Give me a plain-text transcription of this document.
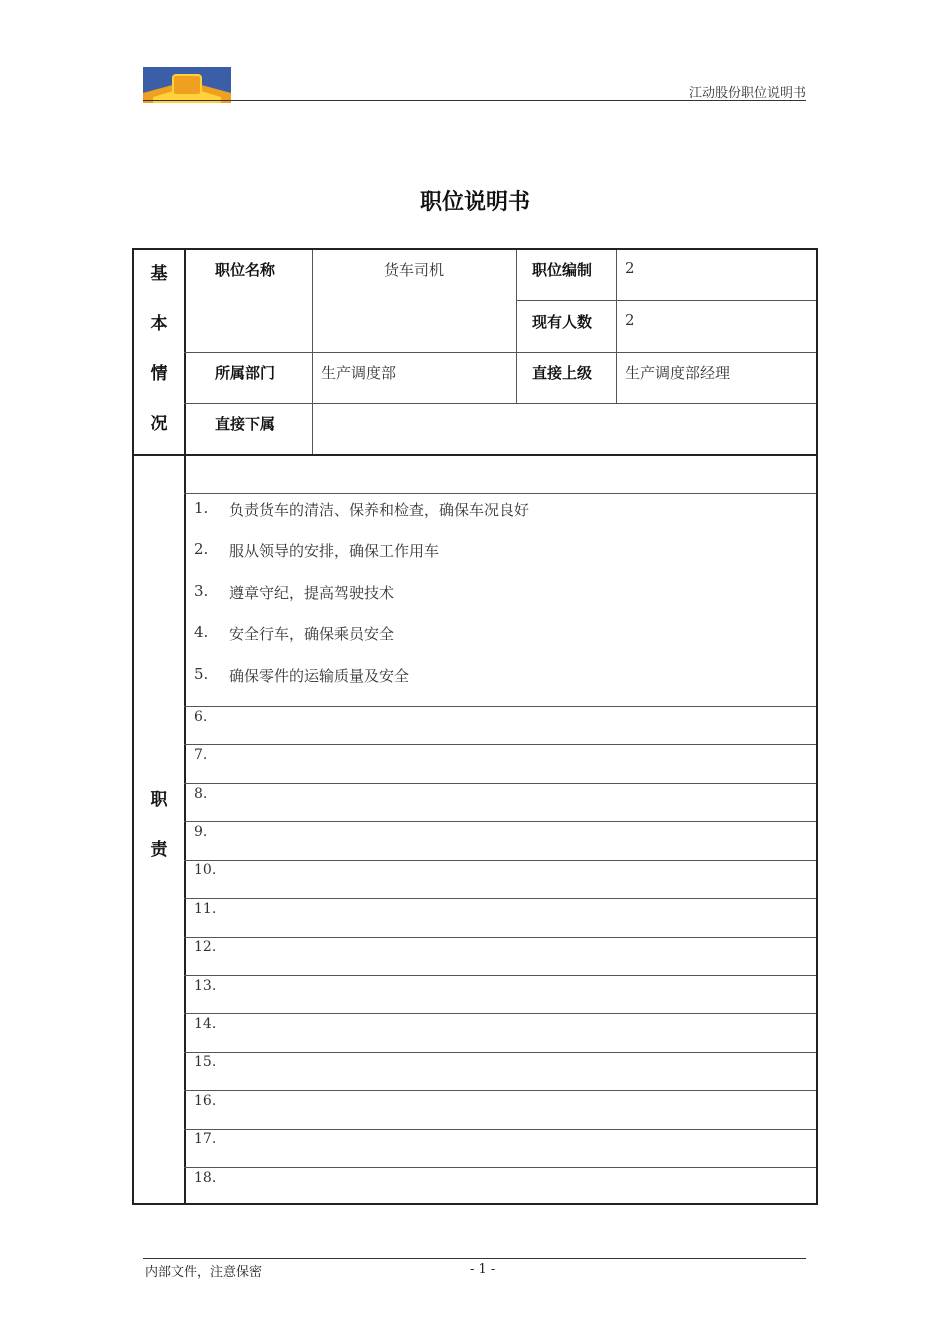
江动股份职位说明书
职位说明书
基
本
情
况
职位名称	货车司机	职位编制 2
现有人数 2
所属部门	生产调度部	直接上级 生产调度部经理
直接下属
职
责
1. 负责货车的清洁、保养和检查，确保车况良好
2. 服从领导的安排，确保工作用车
3. 遵章守纪，提高驾驶技术
4. 安全行车，确保乘员安全
5. 确保零件的运输质量及安全
6.
7.
8.
9.
10.
11.
12.
13.
14.
15.
16.
17.
18.
内部文件，注意保密	- 1 -
